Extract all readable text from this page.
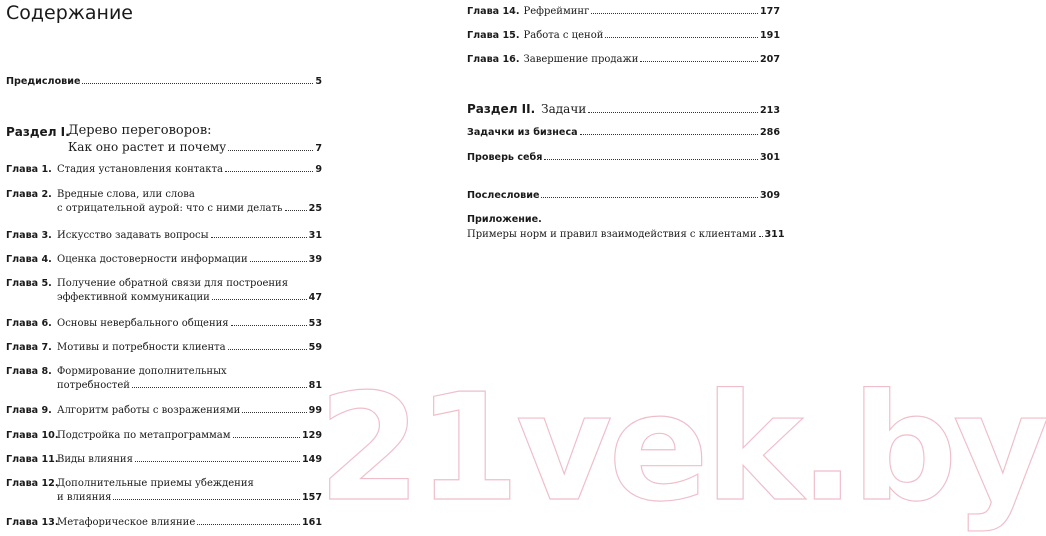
Содержание
Предисловие	5
Раздел I.
Дерево переговоров:
Как оно растет и почему	7
Глава 1. Стадия установления контакта	9
Глава 2. Вредные слова, или слова
с отрицательной аурой: что с ними делать	25
Глава 3. Искусство задавать вопросы	31
Глава 4. Оценка достоверности информации	39
Глава 5. Получение обратной связи для построения
эффективной коммуникации	47
Глава 6. Основы невербального общения	53
Глава 7. Мотивы и потребности клиента	59
Глава 8. Формирование дополнительных
потребностей	81
Глава 9. Алгоритм работы с возражениями	99
Глава 10.
Подстройка по метапрограммам	129
Глава 11.
Виды влияния	149
Глава 12.
Дополнительные приемы убеждения
и влияния	157
Глава 13.
Метафорическое влияние	161
Глава 14. Рефрейминг	177
Глава 15. Работа с ценой	191
Глава 16. Завершение продажи	207
Раздел II. Задачи	213
Задачки из бизнеса	286
Проверь себя	301
Послесловие	309
Приложение.
Примеры норм и правил взаимодействия с клиентами 311
21vek.by
